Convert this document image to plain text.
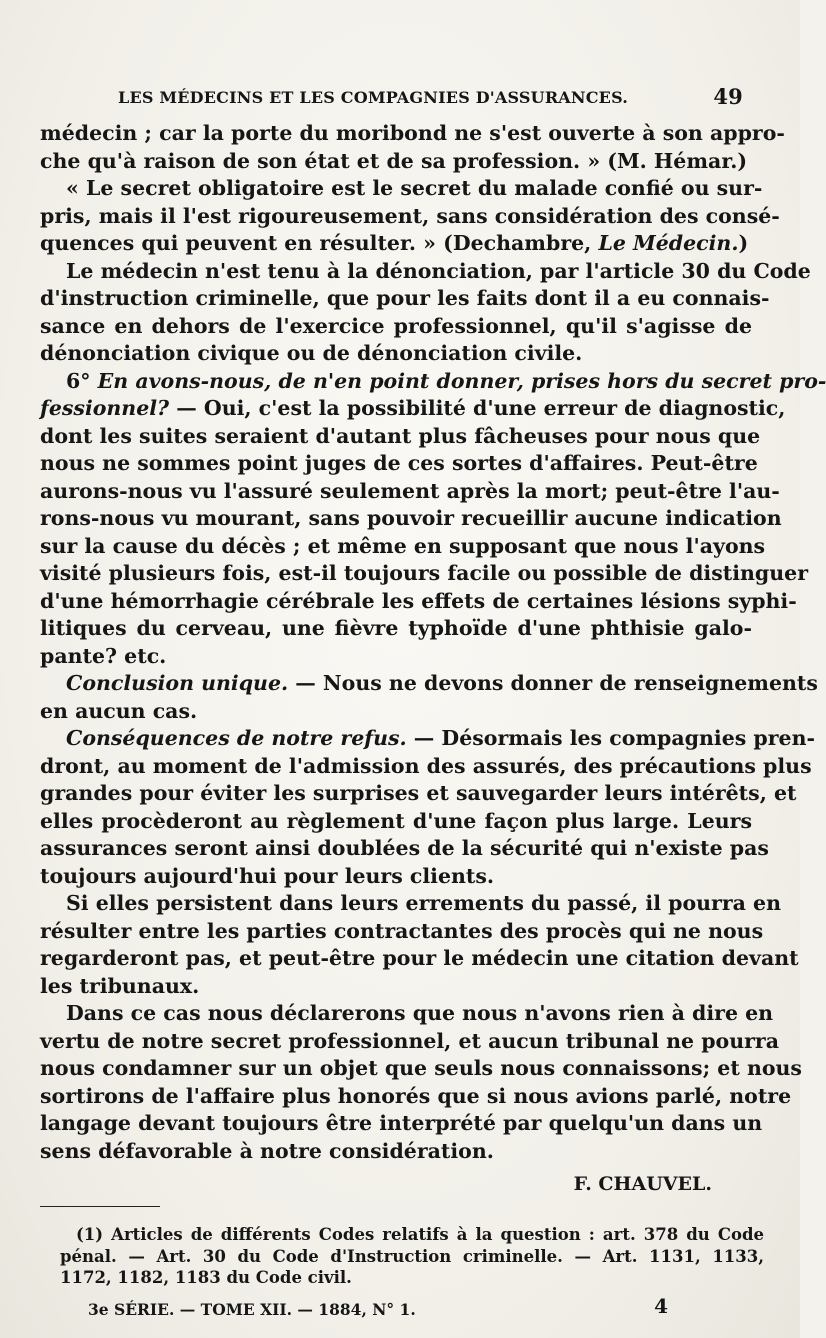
LES MÉDECINS ET LES COMPAGNIES D'ASSURANCES.	49
médecin ; car la porte du moribond ne s'est ouverte à son appro-
che qu'à raison de son état et de sa profession. » (M. Hémar.)
« Le secret obligatoire est le secret du malade confié ou sur-
pris, mais il l'est rigoureusement, sans considération des consé-
quences qui peuvent en résulter. » (Dechambre, Le Médecin.)
Le médecin n'est tenu à la dénonciation, par l'article 30 du Code
d'instruction criminelle, que pour les faits dont il a eu connais-
sance en dehors de l'exercice professionnel, qu'il s'agisse de
dénonciation civique ou de dénonciation civile.
6° En avons-nous, de n'en point donner, prises hors du secret pro-
fessionnel? — Oui, c'est la possibilité d'une erreur de diagnostic,
dont les suites seraient d'autant plus fâcheuses pour nous que
nous ne sommes point juges de ces sortes d'affaires. Peut-être
aurons-nous vu l'assuré seulement après la mort; peut-être l'au-
rons-nous vu mourant, sans pouvoir recueillir aucune indication
sur la cause du décès ; et même en supposant que nous l'ayons
visité plusieurs fois, est-il toujours facile ou possible de distinguer
d'une hémorrhagie cérébrale les effets de certaines lésions syphi-
litiques du cerveau, une fièvre typhoïde d'une phthisie galo-
pante? etc.
Conclusion unique. — Nous ne devons donner de renseignements
en aucun cas.
Conséquences de notre refus. — Désormais les compagnies pren-
dront, au moment de l'admission des assurés, des précautions plus
grandes pour éviter les surprises et sauvegarder leurs intérêts, et
elles procèderont au règlement d'une façon plus large. Leurs
assurances seront ainsi doublées de la sécurité qui n'existe pas
toujours aujourd'hui pour leurs clients.
Si elles persistent dans leurs errements du passé, il pourra en
résulter entre les parties contractantes des procès qui ne nous
regarderont pas, et peut-être pour le médecin une citation devant
les tribunaux.
Dans ce cas nous déclarerons que nous n'avons rien à dire en
vertu de notre secret professionnel, et aucun tribunal ne pourra
nous condamner sur un objet que seuls nous connaissons; et nous
sortirons de l'affaire plus honorés que si nous avions parlé, notre
langage devant toujours être interprété par quelqu'un dans un
sens défavorable à notre considération.
F. CHAUVEL.
(1) Articles de différents Codes relatifs à la question : art. 378 du Code
pénal. — Art. 30 du Code d'Instruction criminelle. — Art. 1131, 1133,
1172, 1182, 1183 du Code civil.
3e SÉRIE. — TOME XII. — 1884, N° 1.	4
